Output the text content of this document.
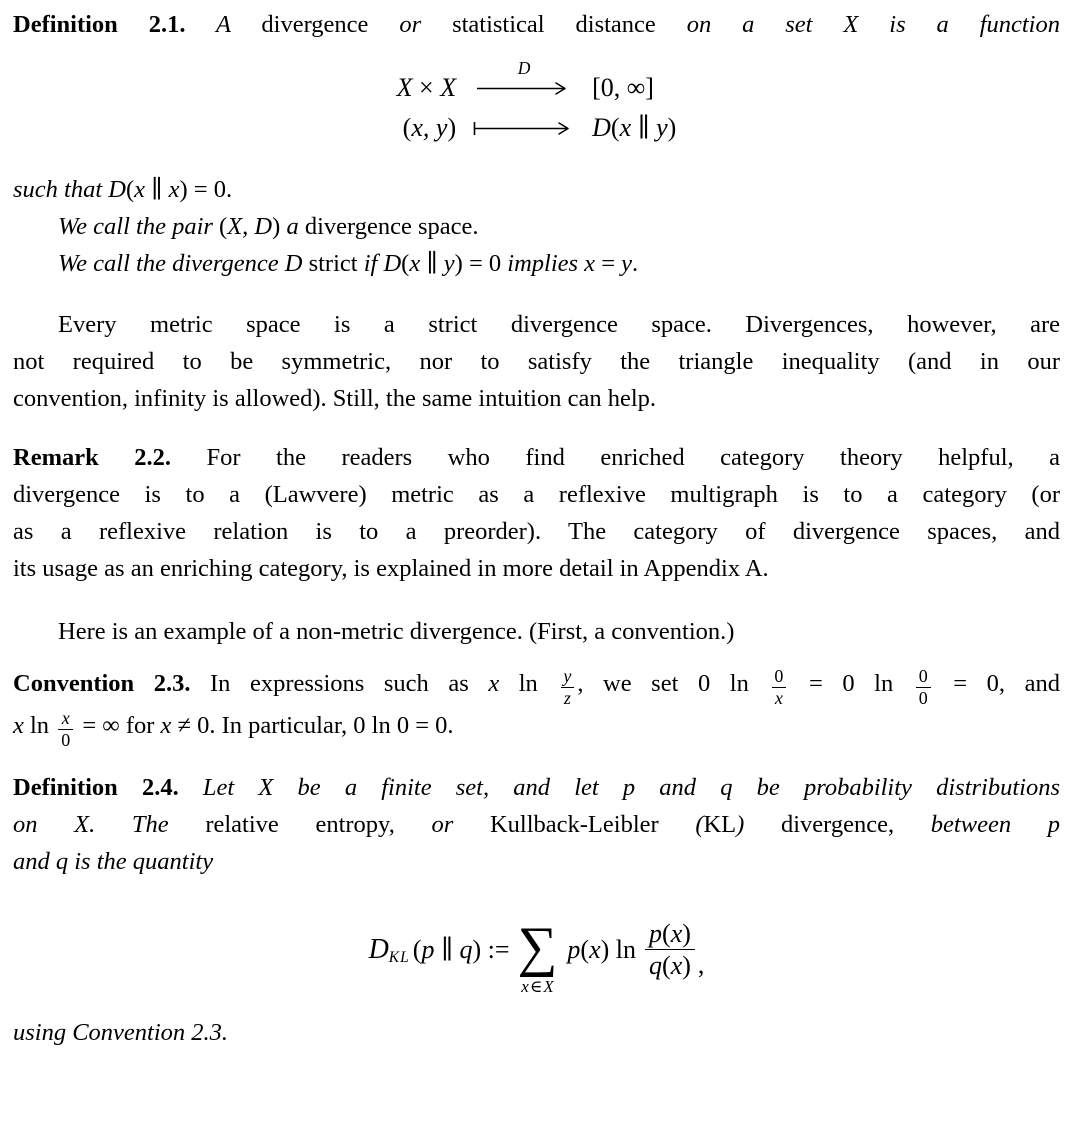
Definition 2.1. A divergence or statistical distance on a set X is a function
X × X
D
[0, ∞]
(x, y)	D(x ∥ y)
such that D(x ∥ x) = 0.
We call the pair (X, D) a divergence space.
We call the divergence D strict if D(x ∥ y) = 0 implies x = y.
Every metric space is a strict divergence space. Divergences, however, are
not required to be symmetric, nor to satisfy the triangle inequality (and in our
convention, infinity is allowed). Still, the same intuition can help.
Remark 2.2. For the readers who find enriched category theory helpful, a
divergence is to a (Lawvere) metric as a reflexive multigraph is to a category (or
as a reflexive relation is to a preorder). The category of divergence spaces, and
its usage as an enriching category, is explained in more detail in Appendix A.
Here is an example of a non-metric divergence. (First, a convention.)
Convention 2.3. In expressions such as x $\ln \frac{y}{z}$ , we set 0 $\ln \frac{0}{x} = 0$ $\ln \frac{0}{0} = 0$, and
x $\ln \frac{x}{0}$ = ∞ for x ≠ 0. In particular, 0 ln 0 = 0.
Definition 2.4. Let X be a finite set, and let p and q be probability distributions
on X. The relative entropy, or Kullback-Leibler (KL) divergence, between p
and q is the quantity
D KL (p ∥ q) := ∑
x ∈ X
p(x) $\ln \frac{p(x)}{q(x)}$ ,
using Convention 2.3.
